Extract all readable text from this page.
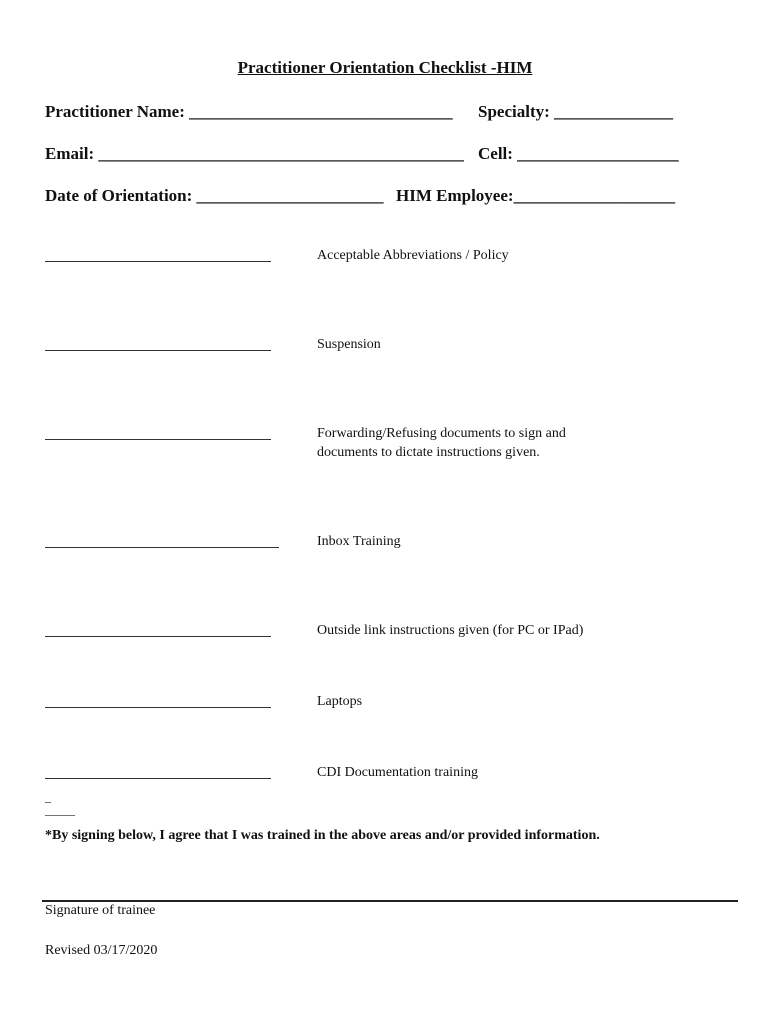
Practitioner Orientation Checklist -HIM
Practitioner Name: _______________________________ Specialty: ______________
Email: ___________________________________________ Cell: ___________________
Date of Orientation: ______________________ HIM Employee:___________________
Acceptable Abbreviations / Policy
Suspension
Forwarding/Refusing documents to sign and
documents to dictate instructions given.
Inbox Training
Outside link instructions given (for PC or IPad)
Laptops
CDI Documentation training
_
_____
*By signing below, I agree that I was trained in the above areas and/or provided information.
Signature of trainee
Revised 03/17/2020
